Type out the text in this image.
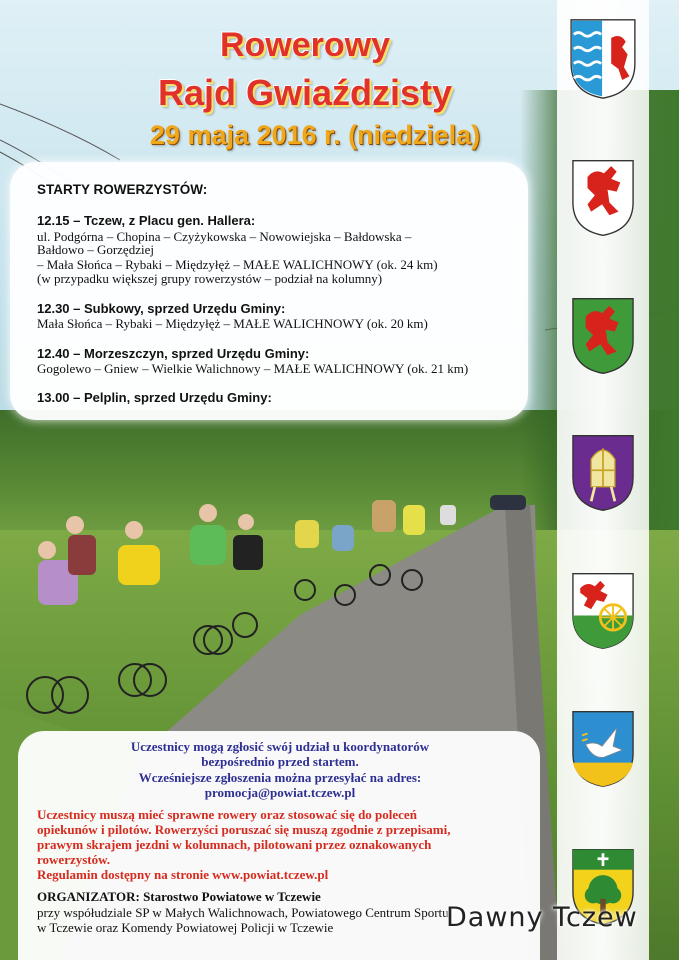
Rowerowy
Rajd Gwiaździsty
29 maja 2016 r. (niedziela)
STARTY ROWERZYSTÓW:
12.15 – Tczew, z Placu gen. Hallera:
ul. Podgórna – Chopina – Czyżykowska – Nowowiejska – Bałdowska –
Bałdowo – Gorzędziej
– Mała Słońca – Rybaki – Międzyłęż – MAŁE WALICHNOWY (ok. 24 km)
(w przypadku większej grupy rowerzystów – podział na kolumny)
12.30 – Subkowy, sprzed Urzędu Gminy:
Mała Słońca – Rybaki – Międzyłęż – MAŁE WALICHNOWY (ok. 20 km)
12.40 – Morzeszczyn, sprzed Urzędu Gminy:
Gogolewo – Gniew – Wielkie Walichnowy – MAŁE WALICHNOWY (ok. 21 km)
13.00 – Pelplin, sprzed Urzędu Gminy:
Uczestnicy mogą zgłosić swój udział u koordynatorów
bezpośrednio przed startem.
Wcześniejsze zgłoszenia można przesyłać na adres:
promocja@powiat.tczew.pl
Uczestnicy muszą mieć sprawne rowery oraz stosować się do poleceń
opiekunów i pilotów. Rowerzyści poruszać się muszą zgodnie z przepisami,
prawym skrajem jezdni w kolumnach, pilotowani przez oznakowanych
rowerzystów.
Regulamin dostępny na stronie www.powiat.tczew.pl
ORGANIZATOR: Starostwo Powiatowe w Tczewie
przy współudziale SP w Małych Walichnowach, Powiatowego Centrum Sportu
w Tczewie oraz Komendy Powiatowej Policji w Tczewie	Dawny Tczew
